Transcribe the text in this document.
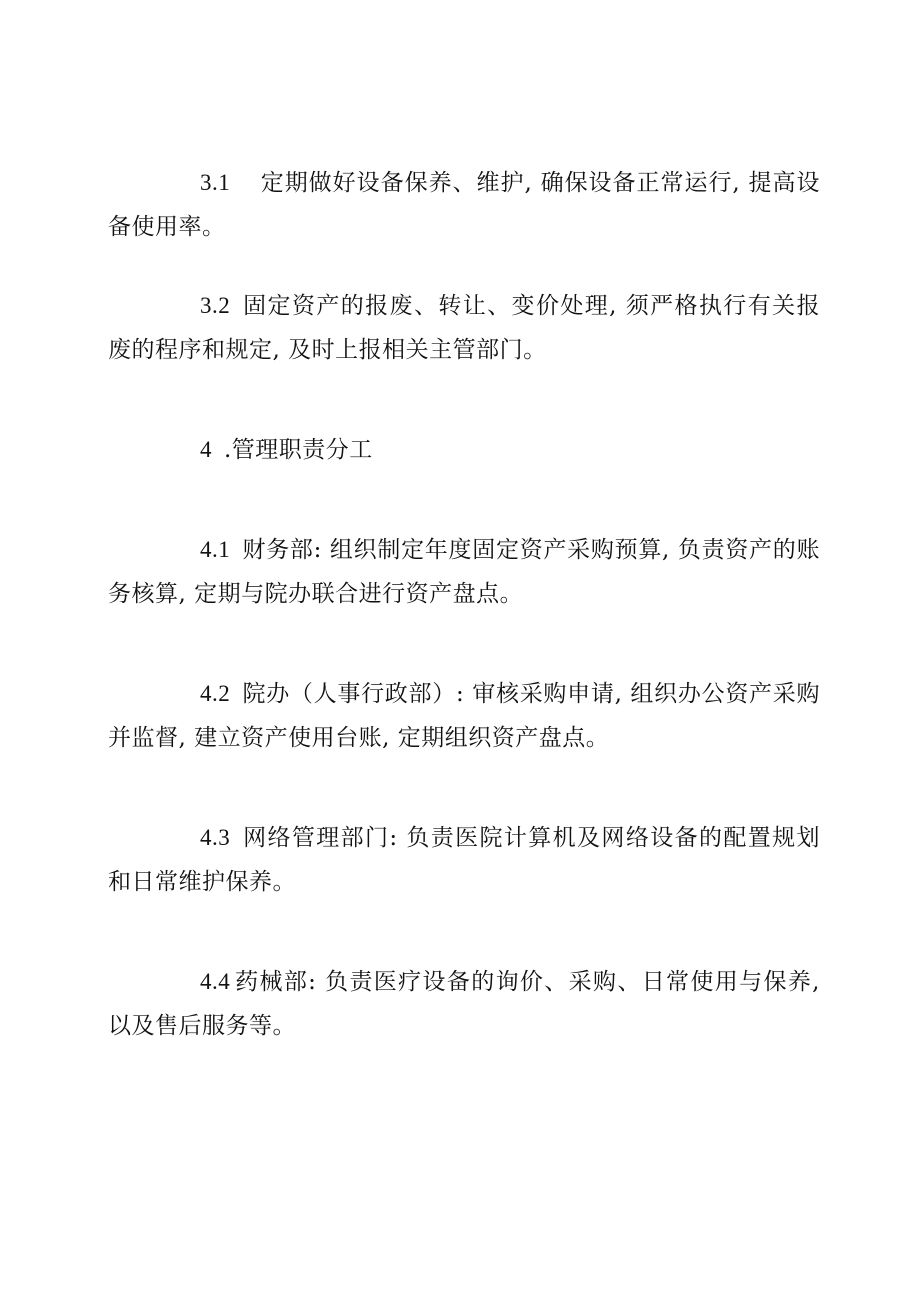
3.1 定期做好设备保养、维护, 确保设备正常运行, 提高设备使用率。

3.2 固定资产的报废、转让、变价处理, 须严格执行有关报废的程序和规定, 及时上报相关主管部门。

4 .管理职责分工

4.1 财务部: 组织制定年度固定资产采购预算, 负责资产的账务核算, 定期与院办联合进行资产盘点。

4.2 院办（人事行政部）: 审核采购申请, 组织办公资产采购并监督, 建立资产使用台账, 定期组织资产盘点。

4.3 网络管理部门: 负责医院计算机及网络设备的配置规划和日常维护保养。

4.4 药械部: 负责医疗设备的询价、采购、日常使用与保养, 以及售后服务等。
